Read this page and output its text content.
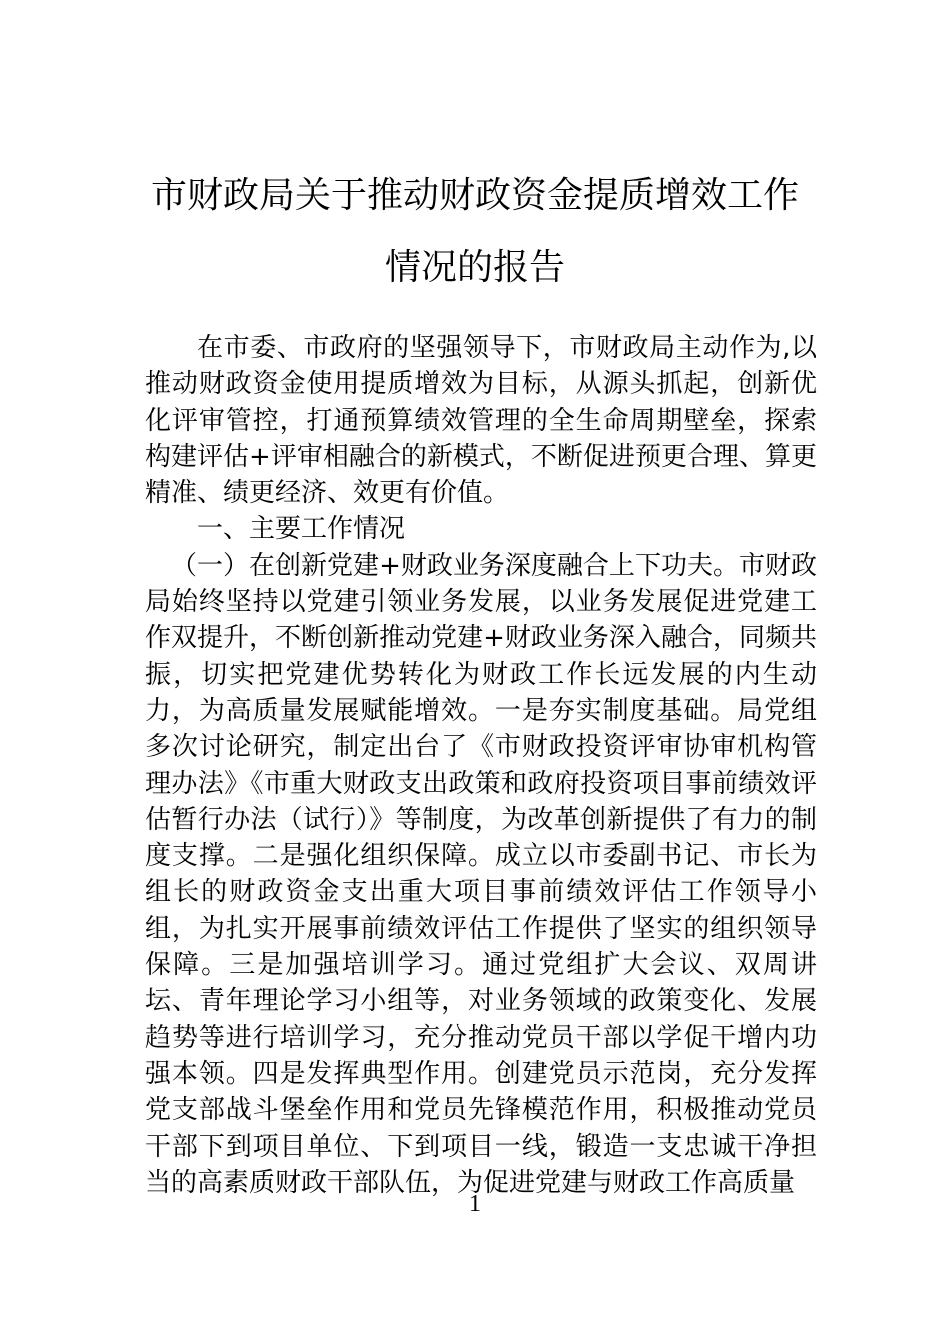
市财政局关于推动财政资金提质增效工作
情况的报告

在市委、市政府的坚强领导下，市财政局主动作为,以推动财政资金使用提质增效为目标，从源头抓起，创新优化评审管控，打通预算绩效管理的全生命周期壁垒，探索构建评估+评审相融合的新模式，不断促进预更合理、算更精准、绩更经济、效更有价值。

一、主要工作情况

（一）在创新党建+财政业务深度融合上下功夫。市财政局始终坚持以党建引领业务发展，以业务发展促进党建工作双提升，不断创新推动党建+财政业务深入融合，同频共振，切实把党建优势转化为财政工作长远发展的内生动力，为高质量发展赋能增效。一是夯实制度基础。局党组多次讨论研究，制定出台了《市财政投资评审协审机构管理办法》《市重大财政支出政策和政府投资项目事前绩效评估暂行办法（试行）》等制度，为改革创新提供了有力的制度支撑。二是强化组织保障。成立以市委副书记、市长为组长的财政资金支出重大项目事前绩效评估工作领导小组，为扎实开展事前绩效评估工作提供了坚实的组织领导保障。三是加强培训学习。通过党组扩大会议、双周讲坛、青年理论学习小组等，对业务领域的政策变化、发展趋势等进行培训学习，充分推动党员干部以学促干增内功强本领。四是发挥典型作用。创建党员示范岗，充分发挥党支部战斗堡垒作用和党员先锋模范作用，积极推动党员干部下到项目单位、下到项目一线，锻造一支忠诚干净担当的高素质财政干部队伍，为促进党建与财政工作高质量

1
